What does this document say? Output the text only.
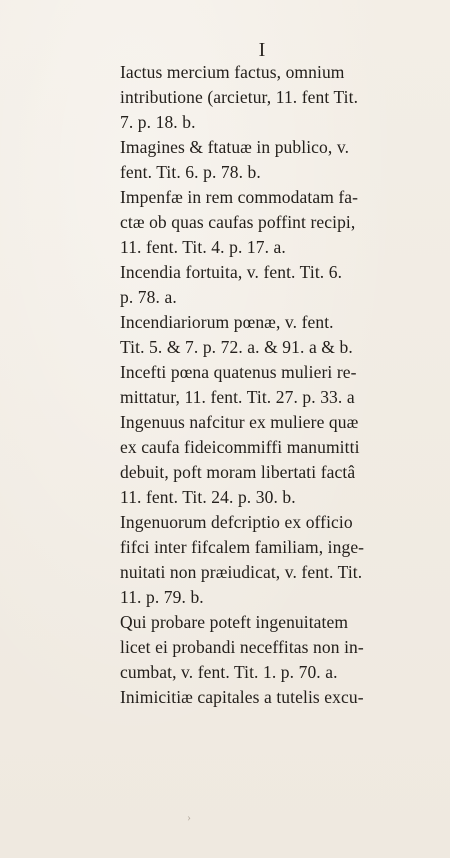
I
Iactus mercium factus, omnium
intributione (arcietur, 11. fent Tit.
7. p. 18. b.
Imagines & ftatuæ in publico, v.
fent. Tit. 6. p. 78. b.
Impenfæ in rem commodatam fa-
ctæ ob quas caufas poffint recipi,
11. fent. Tit. 4. p. 17. a.
Incendia fortuita, v. fent. Tit. 6.
p. 78. a.
Incendiariorum pœnæ, v. fent.
Tit. 5. & 7. p. 72. a. & 91. a & b.
Incefti pœna quatenus mulieri re-
mittatur, 11. fent. Tit. 27. p. 33. a
Ingenuus nafcitur ex muliere quæ
ex caufa fideicommiffi manumitti
debuit, poft moram libertati factâ
11. fent. Tit. 24. p. 30. b.
Ingenuorum defcriptio ex officio
fifci inter fifcalem familiam, inge-
nuitati non præiudicat, v. fent. Tit.
11. p. 79. b.
Qui probare poteft ingenuitatem
licet ei probandi neceffitas non in-
cumbat, v. fent. Tit. 1. p. 70. a.
Inimicitiæ capitales a tutelis excu-
›
